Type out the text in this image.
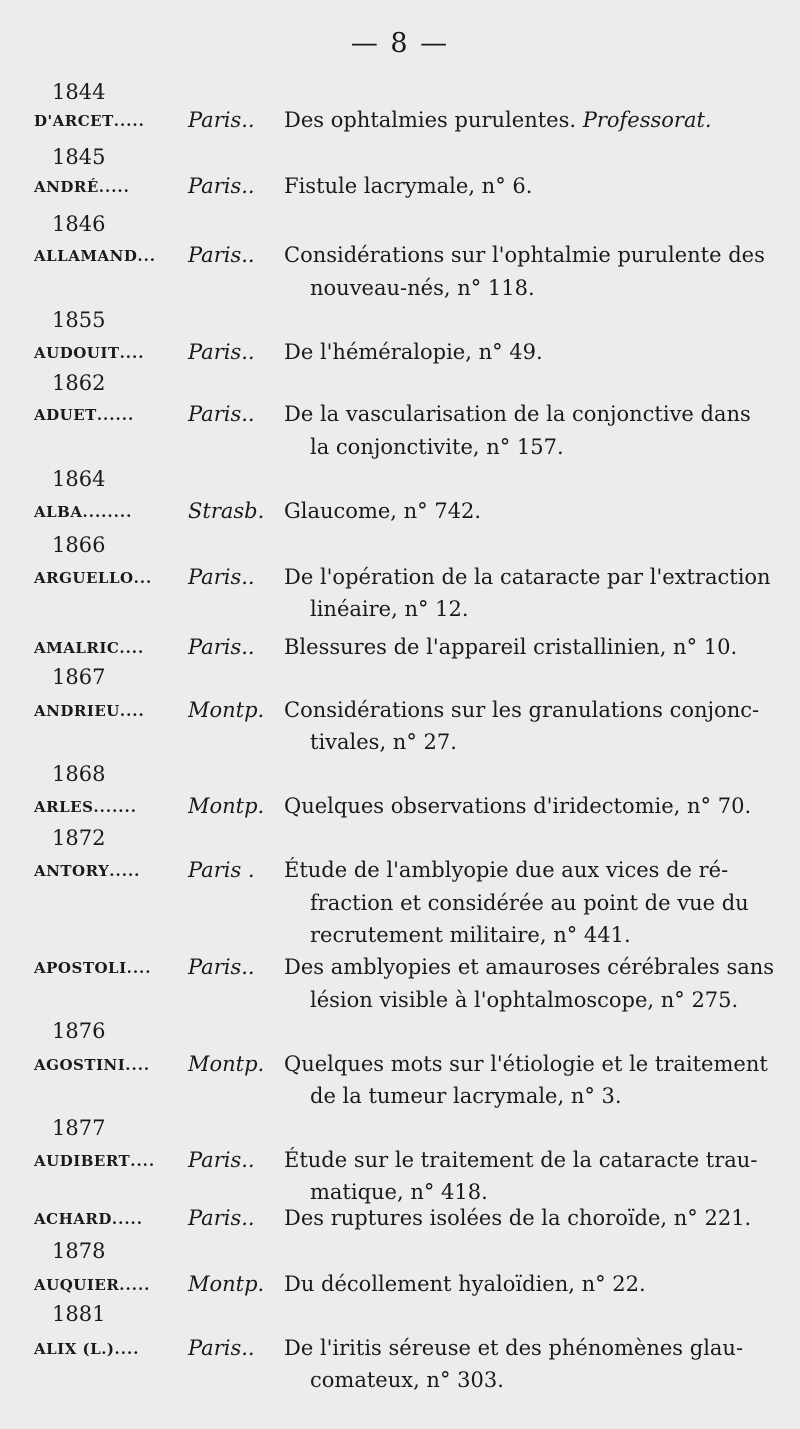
— 8 —
1844
D'ARCET..... Paris.. Des ophtalmies purulentes. Professorat.
1845
ANDRÉ.....	Paris.. Fistule lacrymale, n° 6.
1846
ALLAMAND... Paris.. Considérations sur l'ophtalmie purulente des
nouveau-nés, n° 118.
1855
AUDOUIT.... Paris.. De l'héméralopie, n° 49.
1862
ADUET......	Paris.. De la vascularisation de la conjonctive dans
la conjonctivite, n° 157.
1864
ALBA........	Strasb. Glaucome, n° 742.
1866
ARGUELLO... Paris.. De l'opération de la cataracte par l'extraction
linéaire, n° 12.
AMALRIC.... Paris.. Blessures de l'appareil cristallinien, n° 10.
1867
ANDRIEU.... Montp. Considérations sur les granulations conjonc-
tivales, n° 27.
1868
ARLES....... Montp. Quelques observations d'iridectomie, n° 70.
1872
ANTORY..... Paris . Étude de l'amblyopie due aux vices de ré-
fraction et considérée au point de vue du
recrutement militaire, n° 441.
APOSTOLI.... Paris.. Des amblyopies et amauroses cérébrales sans
lésion visible à l'ophtalmoscope, n° 275.
1876
AGOSTINI.... Montp. Quelques mots sur l'étiologie et le traitement
de la tumeur lacrymale, n° 3.
1877
AUDIBERT.... Paris.. Étude sur le traitement de la cataracte trau-
matique, n° 418.
ACHARD..... Paris.. Des ruptures isolées de la choroïde, n° 221.
1878
AUQUIER..... Montp. Du décollement hyaloïdien, n° 22.
1881
ALIX (L.).... Paris.. De l'iritis séreuse et des phénomènes glau-
comateux, n° 303.
